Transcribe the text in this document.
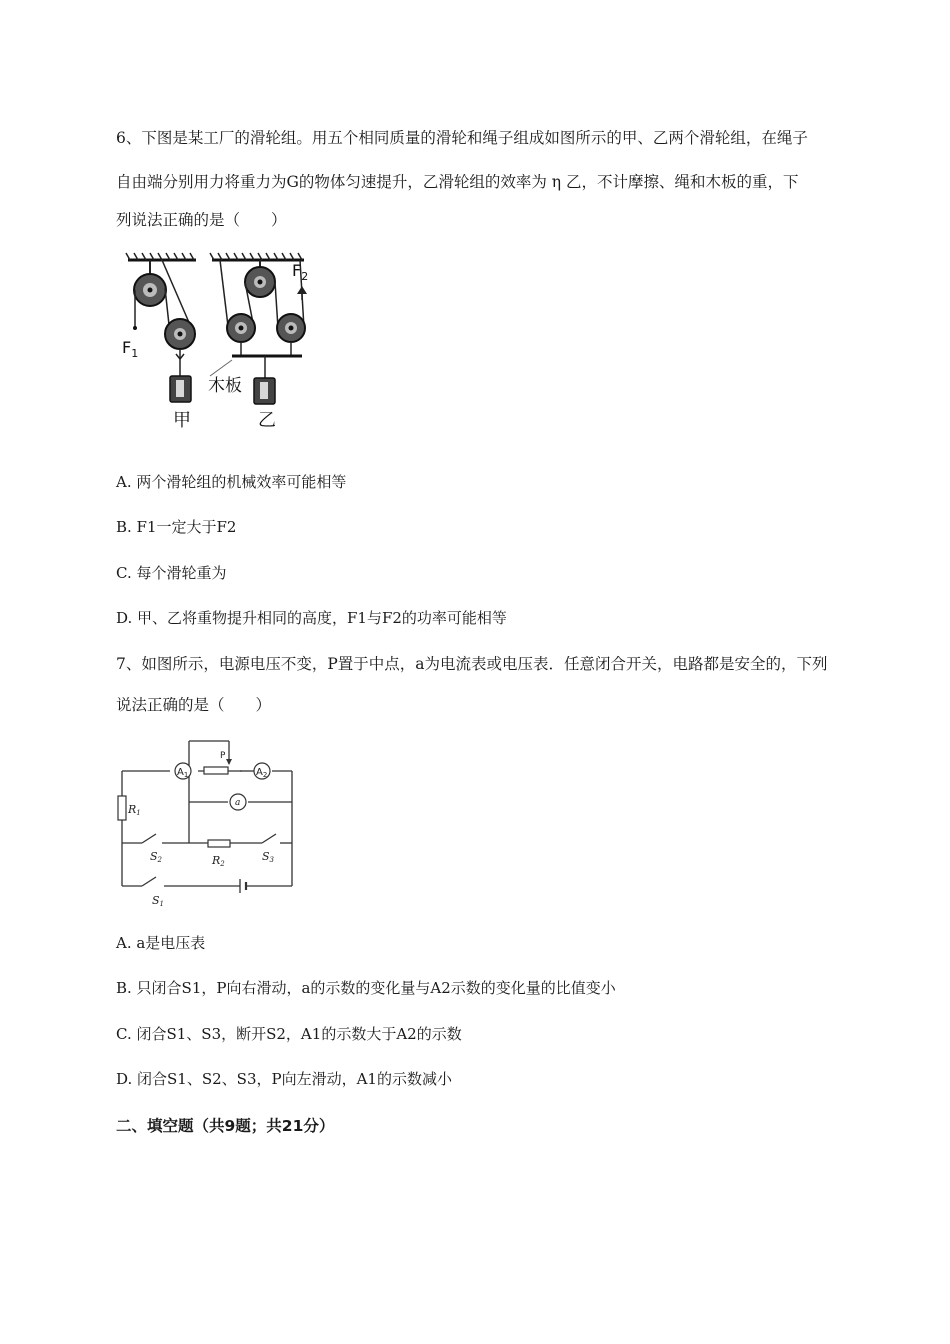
6、下图是某工厂的滑轮组。用五个相同质量的滑轮和绳子组成如图所示的甲、乙两个滑轮组，在绳子
自由端分别用力将重力为G的物体匀速提升，乙滑轮组的效率为 η 乙，不计摩擦、绳和木板的重，下
列说法正确的是（　　）
$F_1$
$F_2$
木板
甲	乙
A. 两个滑轮组的机械效率可能相等
B. F1一定大于F2
C. 每个滑轮重为
D. 甲、乙将重物提升相同的高度，F1与F2的功率可能相等
7、如图所示，电源电压不变，P置于中点，a为电流表或电压表．任意闭合开关，电路都是安全的，下列
说法正确的是（　　）
P
$A_1$	$A_2$
a
R1
R2
S2	S3
S1
A. a是电压表
B. 只闭合S1，P向右滑动，a的示数的变化量与A2示数的变化量的比值变小
C. 闭合S1、S3，断开S2，A1的示数大于A2的示数
D. 闭合S1、S2、S3，P向左滑动，A1的示数减小
二、填空题（共9题；共21分）
